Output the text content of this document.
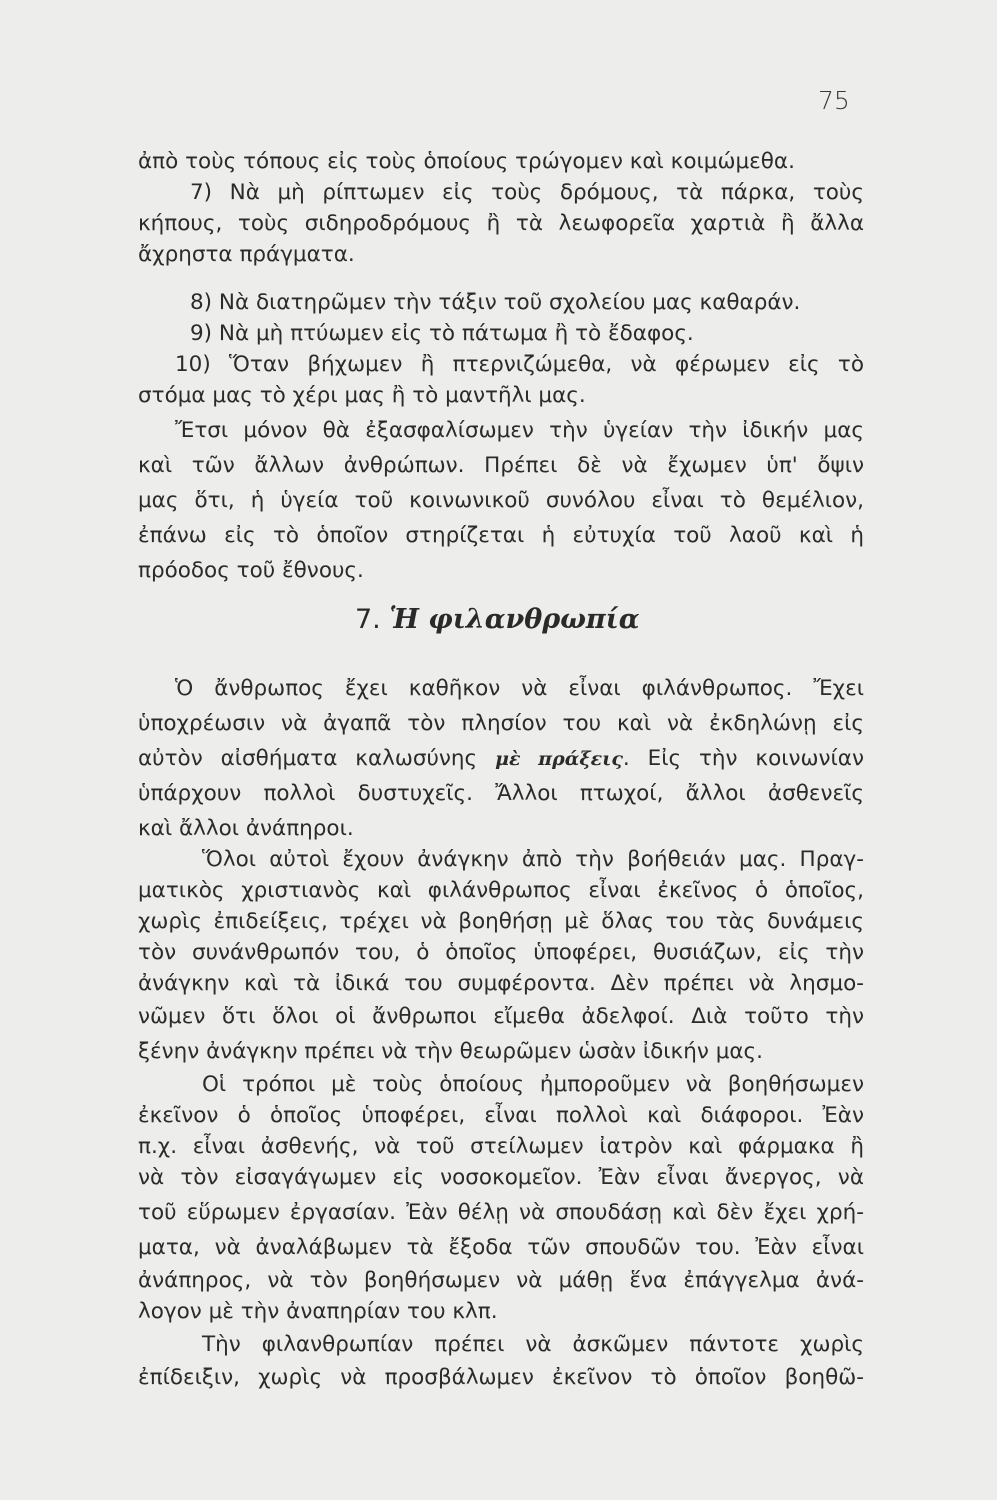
75
ἀπὸ τοὺς τόπους εἰς τοὺς ὁποίους τρώγομεν καὶ κοιμώμεθα.
7) Νὰ μὴ ρίπτωμεν εἰς τοὺς δρόμους, τὰ πάρκα, τοὺς
κήπους, τοὺς σιδηροδρόμους ἢ τὰ λεωφορεῖα χαρτιὰ ἢ ἄλλα
ἄχρηστα πράγματα.
8) Νὰ διατηρῶμεν τὴν τάξιν τοῦ σχολείου μας καθαράν.
9) Νὰ μὴ πτύωμεν εἰς τὸ πάτωμα ἢ τὸ ἔδαφος.
10) Ὅταν βήχωμεν ἢ πτερνιζώμεθα, νὰ φέρωμεν εἰς τὸ
στόμα μας τὸ χέρι μας ἢ τὸ μαντῆλι μας.
Ἔτσι μόνον θὰ ἐξασφαλίσωμεν τὴν ὑγείαν τὴν ἰδικήν μας
καὶ τῶν ἄλλων ἀνθρώπων. Πρέπει δὲ νὰ ἔχωμεν ὑπ' ὄψιν
μας ὅτι, ἡ ὑγεία τοῦ κοινωνικοῦ συνόλου εἶναι τὸ θεμέλιον,
ἐπάνω εἰς τὸ ὁποῖον στηρίζεται ἡ εὐτυχία τοῦ λαοῦ καὶ ἡ
πρόοδος τοῦ ἔθνους.
7. Ἡ φιλανθρωπία
Ὁ ἄνθρωπος ἔχει καθῆκον νὰ εἶναι φιλάνθρωπος. Ἔχει
ὑποχρέωσιν νὰ ἀγαπᾶ τὸν πλησίον του καὶ νὰ ἐκδηλώνῃ εἰς
αὐτὸν αἰσθήματα καλωσύνης μὲ πράξεις. Εἰς τὴν κοινωνίαν
ὑπάρχουν πολλοὶ δυστυχεῖς. Ἄλλοι πτωχοί, ἄλλοι ἀσθενεῖς
καὶ ἄλλοι ἀνάπηροι.
Ὅλοι αὐτοὶ ἔχουν ἀνάγκην ἀπὸ τὴν βοήθειάν μας. Πραγ-
ματικὸς χριστιανὸς καὶ φιλάνθρωπος εἶναι ἐκεῖνος ὁ ὁποῖος,
χωρὶς ἐπιδείξεις, τρέχει νὰ βοηθήσῃ μὲ ὅλας του τὰς δυνάμεις
τὸν συνάνθρωπόν του, ὁ ὁποῖος ὑποφέρει, θυσιάζων, εἰς τὴν
ἀνάγκην καὶ τὰ ἰδικά του συμφέροντα. Δὲν πρέπει νὰ λησμο-
νῶμεν ὅτι ὅλοι οἱ ἄνθρωποι εἴμεθα ἀδελφοί. Διὰ τοῦτο τὴν
ξένην ἀνάγκην πρέπει νὰ τὴν θεωρῶμεν ὡσὰν ἰδικήν μας.
Οἱ τρόποι μὲ τοὺς ὁποίους ἠμποροῦμεν νὰ βοηθήσωμεν
ἐκεῖνον ὁ ὁποῖος ὑποφέρει, εἶναι πολλοὶ καὶ διάφοροι. Ἐὰν
π.χ. εἶναι ἀσθενής, νὰ τοῦ στείλωμεν ἰατρὸν καὶ φάρμακα ἢ
νὰ τὸν εἰσαγάγωμεν εἰς νοσοκομεῖον. Ἐὰν εἶναι ἄνεργος, νὰ
τοῦ εὕρωμεν ἐργασίαν. Ἐὰν θέλῃ νὰ σπουδάσῃ καὶ δὲν ἔχει χρή-
ματα, νὰ ἀναλάβωμεν τὰ ἔξοδα τῶν σπουδῶν του. Ἐὰν εἶναι
ἀνάπηρος, νὰ τὸν βοηθήσωμεν νὰ μάθῃ ἕνα ἐπάγγελμα ἀνά-
λογον μὲ τὴν ἀναπηρίαν του κλπ.
Τὴν φιλανθρωπίαν πρέπει νὰ ἀσκῶμεν πάντοτε χωρὶς
ἐπίδειξιν, χωρὶς νὰ προσβάλωμεν ἐκεῖνον τὸ ὁποῖον βοηθῶ-
